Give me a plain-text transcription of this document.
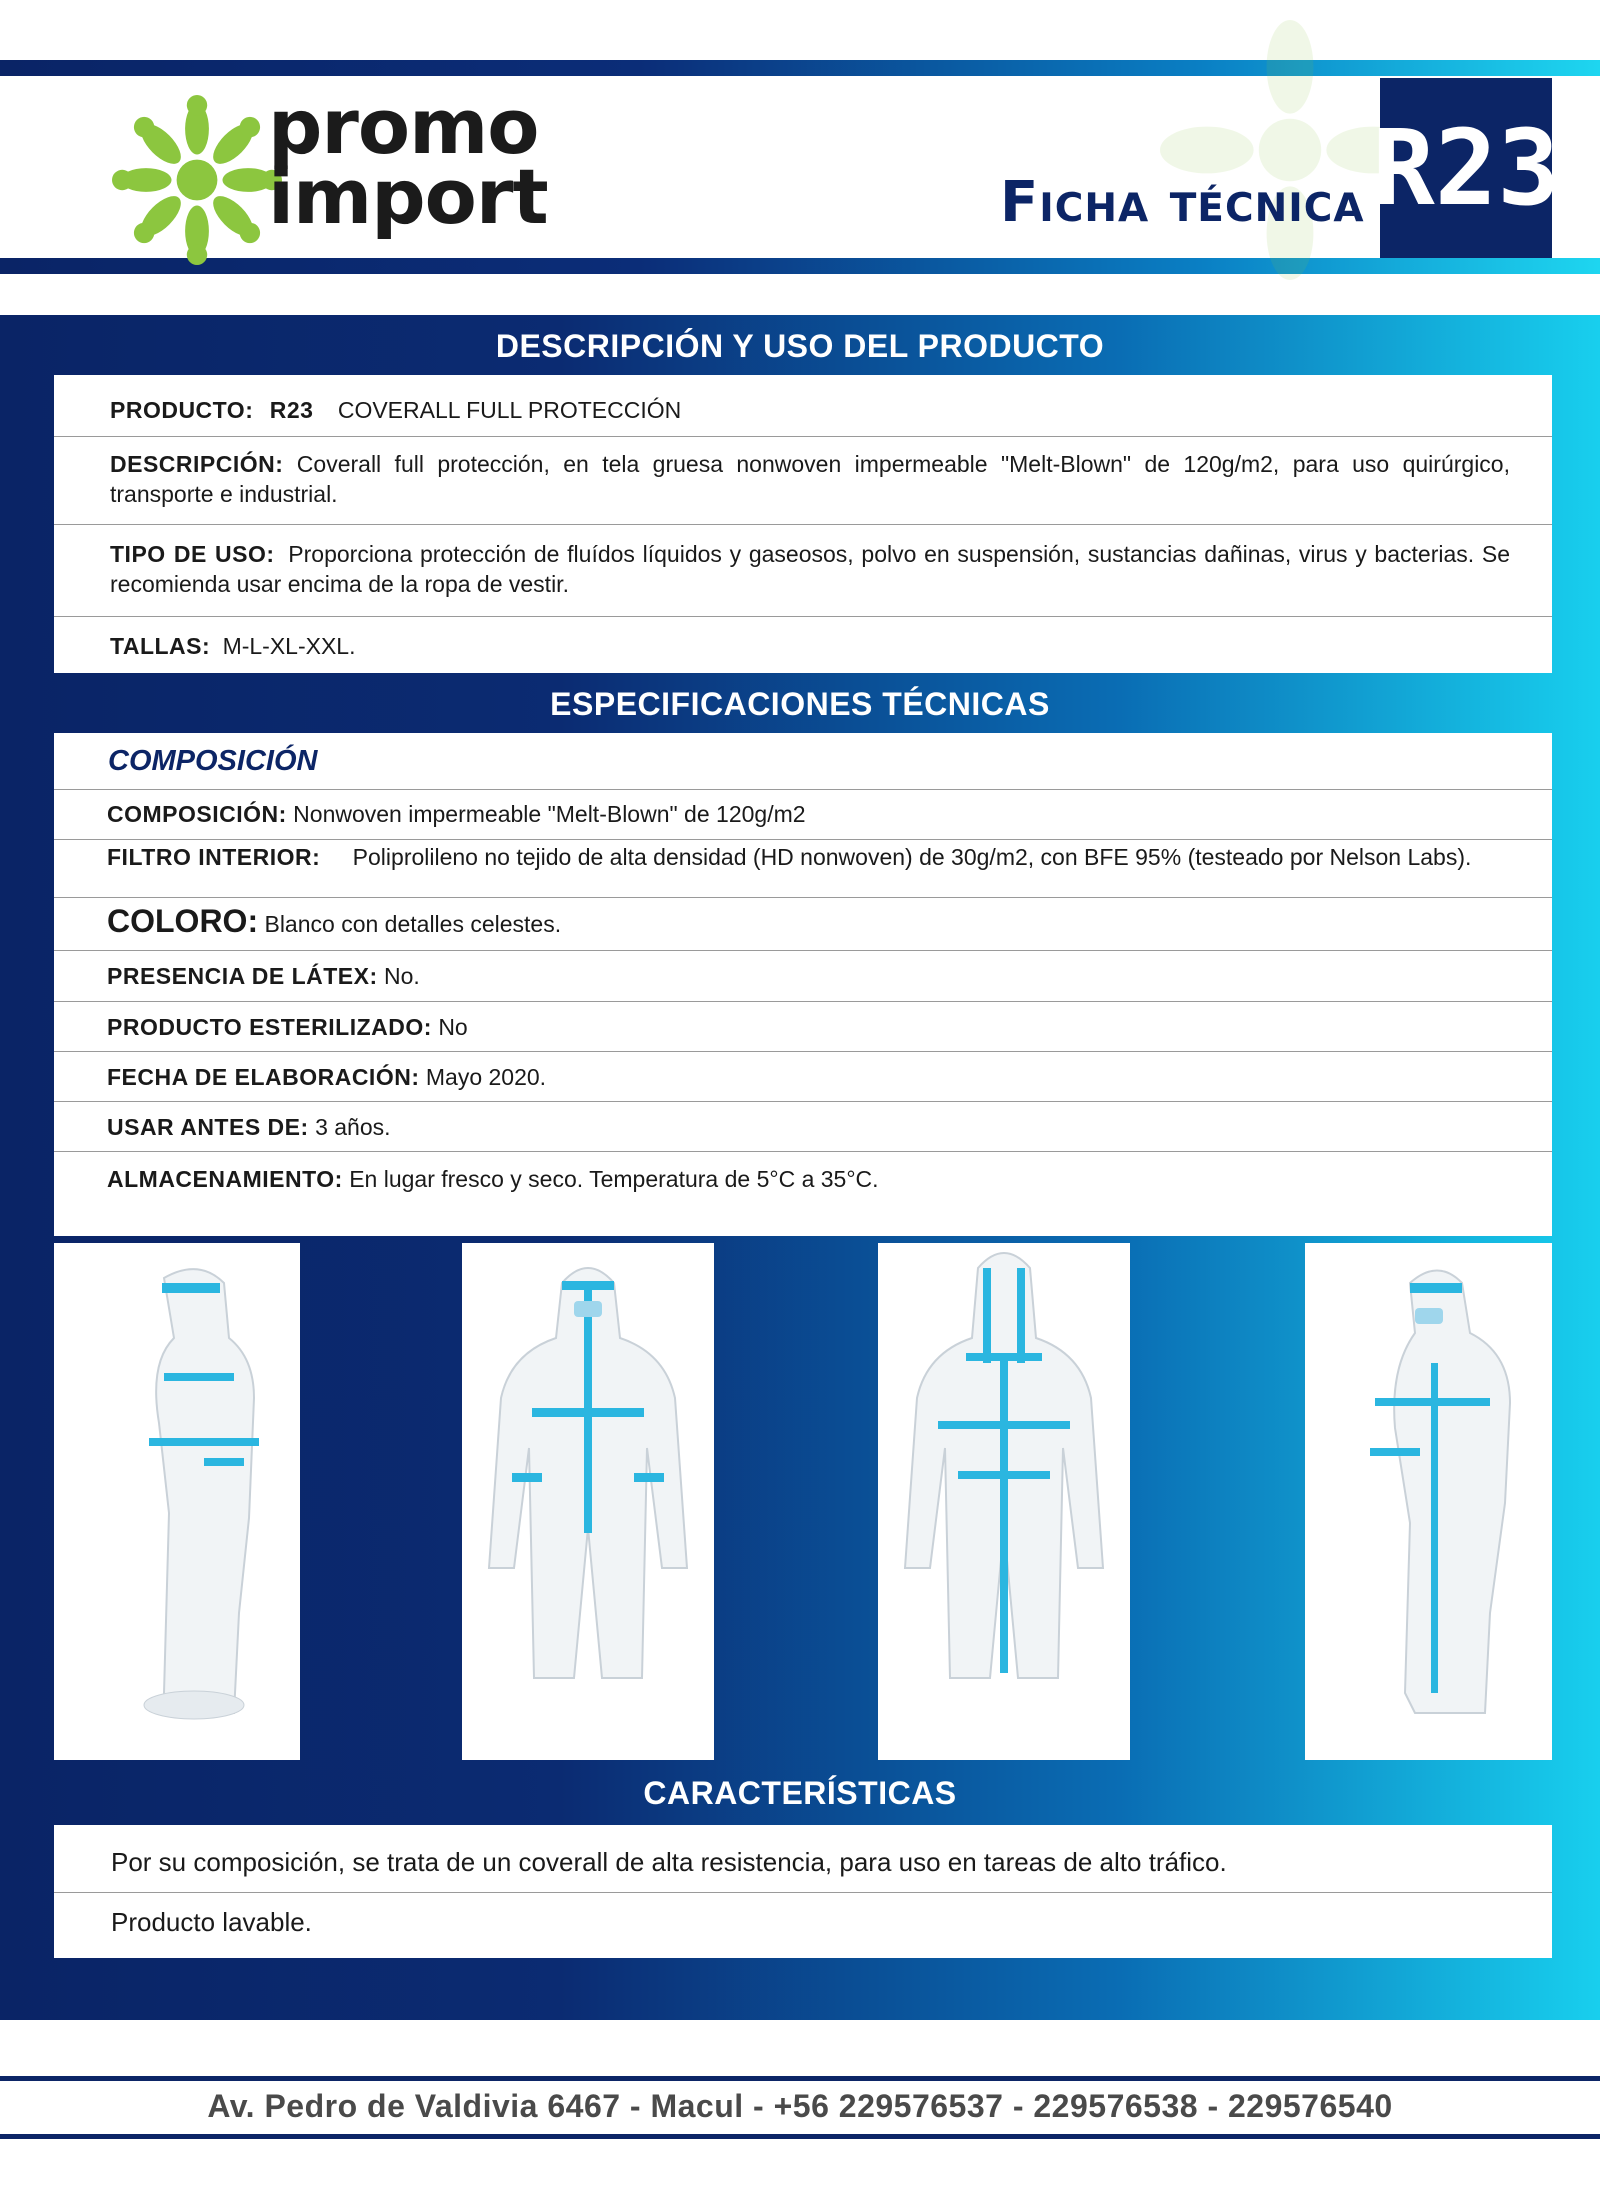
promo
import	Ficha técnica R23
DESCRIPCIÓN Y USO DEL PRODUCTO
PRODUCTO: R23 COVERALL FULL PROTECCIÓN
DESCRIPCIÓN: Coverall full protección, en tela gruesa nonwoven impermeable "Melt-Blown" de 120g/m2, para uso quirúrgico, transporte e industrial.
TIPO DE USO: Proporciona protección de fluídos líquidos y gaseosos, polvo en suspensión, sustancias dañinas, virus y bacterias. Se recomienda usar encima de la ropa de vestir.
TALLAS: M-L-XL-XXL.
ESPECIFICACIONES TÉCNICAS
COMPOSICIÓN
COMPOSICIÓN: Nonwoven impermeable "Melt-Blown" de 120g/m2
FILTRO INTERIOR: Poliprolileno no tejido de alta densidad (HD nonwoven) de 30g/m2, con BFE 95% (testeado por Nelson Labs).
COLORO: Blanco con detalles celestes.
PRESENCIA DE LÁTEX: No.
PRODUCTO ESTERILIZADO: No
FECHA DE ELABORACIÓN: Mayo 2020.
USAR ANTES DE: 3 años.
ALMACENAMIENTO: En lugar fresco y seco. Temperatura de 5°C a 35°C.
CARACTERÍSTICAS
Por su composición, se trata de un coverall de alta resistencia, para uso en tareas de alto tráfico.
Producto lavable.
Av. Pedro de Valdivia 6467 - Macul - +56 229576537 - 229576538 - 229576540
